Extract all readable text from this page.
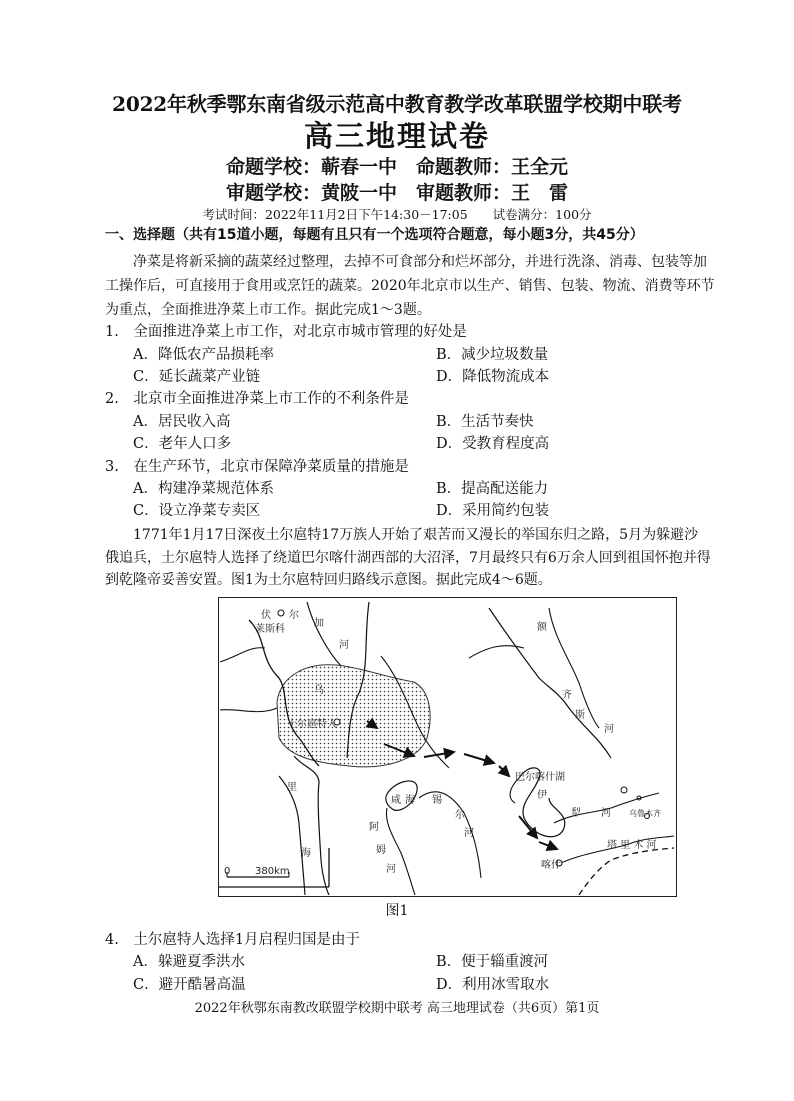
2022年秋季鄂东南省级示范高中教育教学改革联盟学校期中联考
高三地理试卷
命题学校：蕲春一中　命题教师：王全元
审题学校：黄陂一中　审题教师：王　雷
考试时间：2022年11月2日下午14:30－17:05　　试卷满分：100分
一、选择题（共有15道小题，每题有且只有一个选项符合题意，每小题3分，共45分）
　　净菜是将新采摘的蔬菜经过整理，去掉不可食部分和烂坏部分，并进行洗涤、消毒、包装等加
工操作后，可直接用于食用或烹饪的蔬菜。2020年北京市以生产、销售、包装、物流、消费等环节
为重点，全面推进净菜上市工作。据此完成1～3题。
1.　全面推进净菜上市工作，对北京市城市管理的好处是
A．降低农产品损耗率	B．减少垃圾数量
C．延长蔬菜产业链	D．降低物流成本
2.　北京市全面推进净菜上市工作的不利条件是
A．居民收入高	B．生活节奏快
C．老年人口多	D．受教育程度高
3.　在生产环节，北京市保障净菜质量的措施是
A．构建净菜规范体系	B．提高配送能力
C．设立净菜专卖区	D．采用简约包装
　　1771年1月17日深夜土尔扈特17万族人开始了艰苦而又漫长的举国东归之路，5月为躲避沙
俄追兵，土尔扈特人选择了绕道巴尔喀什湖西部的大沼泽，7月最终只有6万余人回到祖国怀抱并得
到乾隆帝妥善安置。图1为土尔扈特回归路线示意图。据此完成4～6题。
伏 尔
加
河
莱斯科
土尔扈特人
乌
额
齐
斯
河
里
海
咸 海 锡
尔
河
阿
姆
河
巴尔喀什湖
伊
犁 河 乌鲁木齐
喀什
塔 里 木 河
0 380km
图1
4.　土尔扈特人选择1月启程归国是由于
A．躲避夏季洪水	B．便于辎重渡河
C．避开酷暑高温	D．利用冰雪取水
2022年秋鄂东南教改联盟学校期中联考 高三地理试卷（共6页）第1页
